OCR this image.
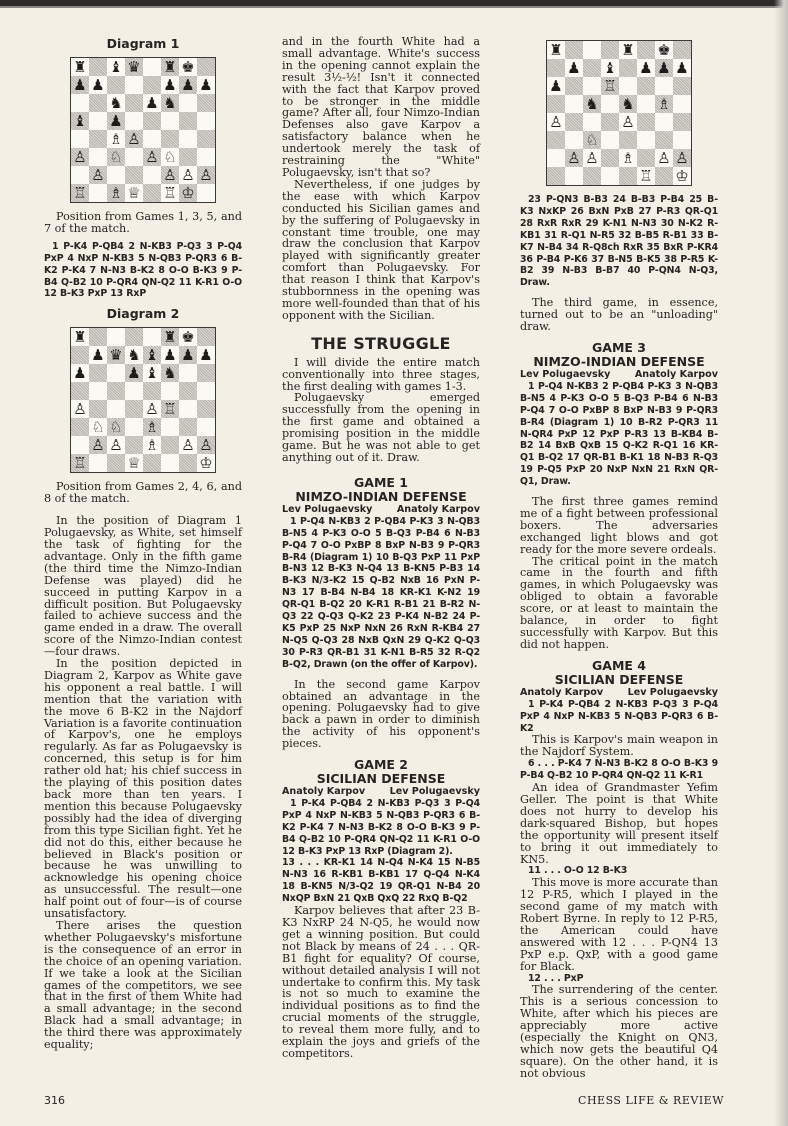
Diagram 1

♜ ♝ ♛ ♜ ♚
♟ ♟	♟ ♟ ♟
♞ ♟ ♞
♝ ♟
♗ ♙
♙ ♘ ♙ ♘
♙	♙ ♙ ♙
♖ ♗ ♕ ♖ ♔

Position from Games 1, 3, 5, and 7 of the match.

1 P-K4 P-QB4 2 N-KB3 P-Q3 3 P-Q4 PxP 4 NxP N-KB3 5 N-QB3 P-QR3 6 B-K2 P-K4 7 N-N3 B-K2 8 O-O B-K3 9 P-B4 Q-B2 10 P-QR4 QN-Q2 11 K-R1 O-O 12 B-K3 PxP 13 RxP

Diagram 2

♜	♜ ♚
♟ ♛ ♞ ♝ ♟ ♟ ♟
♟	♟ ♝ ♞
♙	♙ ♖
♘ ♘ ♗
♙ ♙ ♗ ♙ ♙
♖	♕	♔

Position from Games 2, 4, 6, and 8 of the match.

In the position of Diagram 1 Polugaevsky, as White, set himself the task of fighting for the advantage. Only in the fifth game (the third time the Nimzo-Indian Defense was played) did he succeed in putting Karpov in a difficult position. But Polugaevsky failed to achieve success and the game ended in a draw. The overall score of the Nimzo-Indian contest—four draws.

In the position depicted in Diagram 2, Karpov as White gave his opponent a real battle. I will mention that the variation with the move 6 B-K2 in the Najdorf Variation is a favorite continuation of Karpov's, one he employs regularly. As far as Polugaevsky is concerned, this setup is for him rather old hat; his chief success in the playing of this position dates back more than ten years. I mention this because Polugaevsky possibly had the idea of diverging from this type Sicilian fight. Yet he did not do this, either because he believed in Black's position or because he was unwilling to acknowledge his opening choice as unsuccessful. The result—one half point out of four—is of course unsatisfactory.

There arises the question whether Polugaevsky's misfortune is the consequence of an error in the choice of an opening variation. If we take a look at the Sicilian games of the competitors, we see that in the first of them White had a small advantage; in the second Black had a small advantage; in the third there was approximately equality;

and in the fourth White had a small advantage. White's success in the opening cannot explain the result 3½-½! Isn't it connected with the fact that Karpov proved to be stronger in the middle game? After all, four Nimzo-Indian Defenses also gave Karpov a satisfactory balance when he undertook merely the task of restraining the "White" Polugaevsky, isn't that so?

Nevertheless, if one judges by the ease with which Karpov conducted his Sicilian games and by the suffering of Polugaevsky in constant time trouble, one may draw the conclusion that Karpov played with significantly greater comfort than Polugaevsky. For that reason I think that Karpov's stubbornness in the opening was more well-founded than that of his opponent with the Sicilian.

THE STRUGGLE

I will divide the entire match conventionally into three stages, the first dealing with games 1-3.

Polugaevsky emerged successfully from the opening in the first game and obtained a promising position in the middle game. But he was not able to get anything out of it. Draw.

GAME 1

NIMZO-INDIAN DEFENSE

Lev Polugaevsky	Anatoly Karpov

1 P-Q4 N-KB3 2 P-QB4 P-K3 3 N-QB3 B-N5 4 P-K3 O-O 5 B-Q3 P-B4 6 N-B3 P-Q4 7 O-O PxBP 8 BxP N-B3 9 P-QR3 B-R4 (Diagram 1) 10 B-Q3 PxP 11 PxP B-N3 12 B-K3 N-Q4 13 B-KN5 P-B3 14 B-K3 N/3-K2 15 Q-B2 NxB 16 PxN P-N3 17 B-B4 N-B4 18 KR-K1 K-N2 19 QR-Q1 B-Q2 20 K-R1 R-B1 21 B-R2 N-Q3 22 Q-Q3 Q-K2 23 P-K4 N-B2 24 P-K5 PxP 25 NxP NxN 26 RxN R-KB4 27 N-Q5 Q-Q3 28 NxB QxN 29 Q-K2 Q-Q3 30 P-R3 QR-B1 31 K-N1 B-R5 32 R-Q2 B-Q2, Drawn (on the offer of Karpov).

In the second game Karpov obtained an advantage in the opening. Polugaevsky had to give back a pawn in order to diminish the activity of his opponent's pieces.

GAME 2

SICILIAN DEFENSE

Anatoly Karpov	Lev Polugaevsky

1 P-K4 P-QB4 2 N-KB3 P-Q3 3 P-Q4 PxP 4 NxP N-KB3 5 N-QB3 P-QR3 6 B-K2 P-K4 7 N-N3 B-K2 8 O-O B-K3 9 P-B4 Q-B2 10 P-QR4 QN-Q2 11 K-R1 O-O 12 B-K3 PxP 13 RxP (Diagram 2).

13 . . . KR-K1 14 N-Q4 N-K4 15 N-B5 N-N3 16 R-KB1 B-KB1 17 Q-Q4 N-K4 18 B-KN5 N/3-Q2 19 QR-Q1 N-B4 20 NxQP BxN 21 QxB QxQ 22 RxQ B-Q2

Karpov believes that after 23 B-K3 NxRP 24 N-Q5, he would now get a winning position. But could not Black by means of 24 . . . QR-B1 fight for equality? Of course, without detailed analysis I will not undertake to confirm this. My task is not so much to examine the individual positions as to find the crucial moments of the struggle, to reveal them more fully, and to explain the joys and griefs of the competitors.

♜	♜ ♚
♟ ♝ ♟ ♟ ♟
♟	♖
♞ ♞ ♗
♙	♙
♘
♙ ♙ ♗ ♙ ♙
♖ ♔

23 P-QN3 B-B3 24 B-B3 P-B4 25 B-K3 NxKP 26 BxN PxB 27 P-R3 QR-Q1 28 RxR RxR 29 K-N1 N-N3 30 N-K2 R-KB1 31 R-Q1 N-R5 32 B-B5 R-B1 33 B-K7 N-B4 34 R-Q8ch RxR 35 BxR P-KR4 36 P-B4 P-K6 37 B-N5 B-K5 38 P-R5 K-B2 39 N-B3 B-B7 40 P-QN4 N-Q3, Draw.

The third game, in essence, turned out to be an "unloading" draw.

GAME 3

NIMZO-INDIAN DEFENSE

Lev Polugaevsky	Anatoly Karpov

1 P-Q4 N-KB3 2 P-QB4 P-K3 3 N-QB3 B-N5 4 P-K3 O-O 5 B-Q3 P-B4 6 N-B3 P-Q4 7 O-O PxBP 8 BxP N-B3 9 P-QR3 B-R4 (Diagram 1) 10 B-R2 P-QR3 11 N-QR4 PxP 12 PxP P-R3 13 B-KB4 B-B2 14 BxB QxB 15 Q-K2 R-Q1 16 KR-Q1 B-Q2 17 QR-B1 B-K1 18 N-B3 R-Q3 19 P-Q5 PxP 20 NxP NxN 21 RxN QR-Q1, Draw.

The first three games remind me of a fight between professional boxers. The adversaries exchanged light blows and got ready for the more severe ordeals.

The critical point in the match came in the fourth and fifth games, in which Polugaevsky was obliged to obtain a favorable score, or at least to maintain the balance, in order to fight successfully with Karpov. But this did not happen.

GAME 4

SICILIAN DEFENSE

Anatoly Karpov	Lev Polugaevsky

1 P-K4 P-QB4 2 N-KB3 P-Q3 3 P-Q4 PxP 4 NxP N-KB3 5 N-QB3 P-QR3 6 B-K2

This is Karpov's main weapon in the Najdorf System.

6 . . . P-K4 7 N-N3 B-K2 8 O-O B-K3 9 P-B4 Q-B2 10 P-QR4 QN-Q2 11 K-R1

An idea of Grandmaster Yefim Geller. The point is that White does not hurry to develop his dark-squared Bishop, but hopes the opportunity will present itself to bring it out immediately to KN5.

11 . . . O-O 12 B-K3

This move is more accurate than 12 P-R5, which I played in the second game of my match with Robert Byrne. In reply to 12 P-R5, the American could have answered with 12 . . . P-QN4 13 PxP e.p. QxP, with a good game for Black.

12 . . . PxP

The surrendering of the center. This is a serious concession to White, after which his pieces are appreciably more active (especially the Knight on QN3, which now gets the beautiful Q4 square). On the other hand, it is not obvious

316	CHESS LIFE & REVIEW
